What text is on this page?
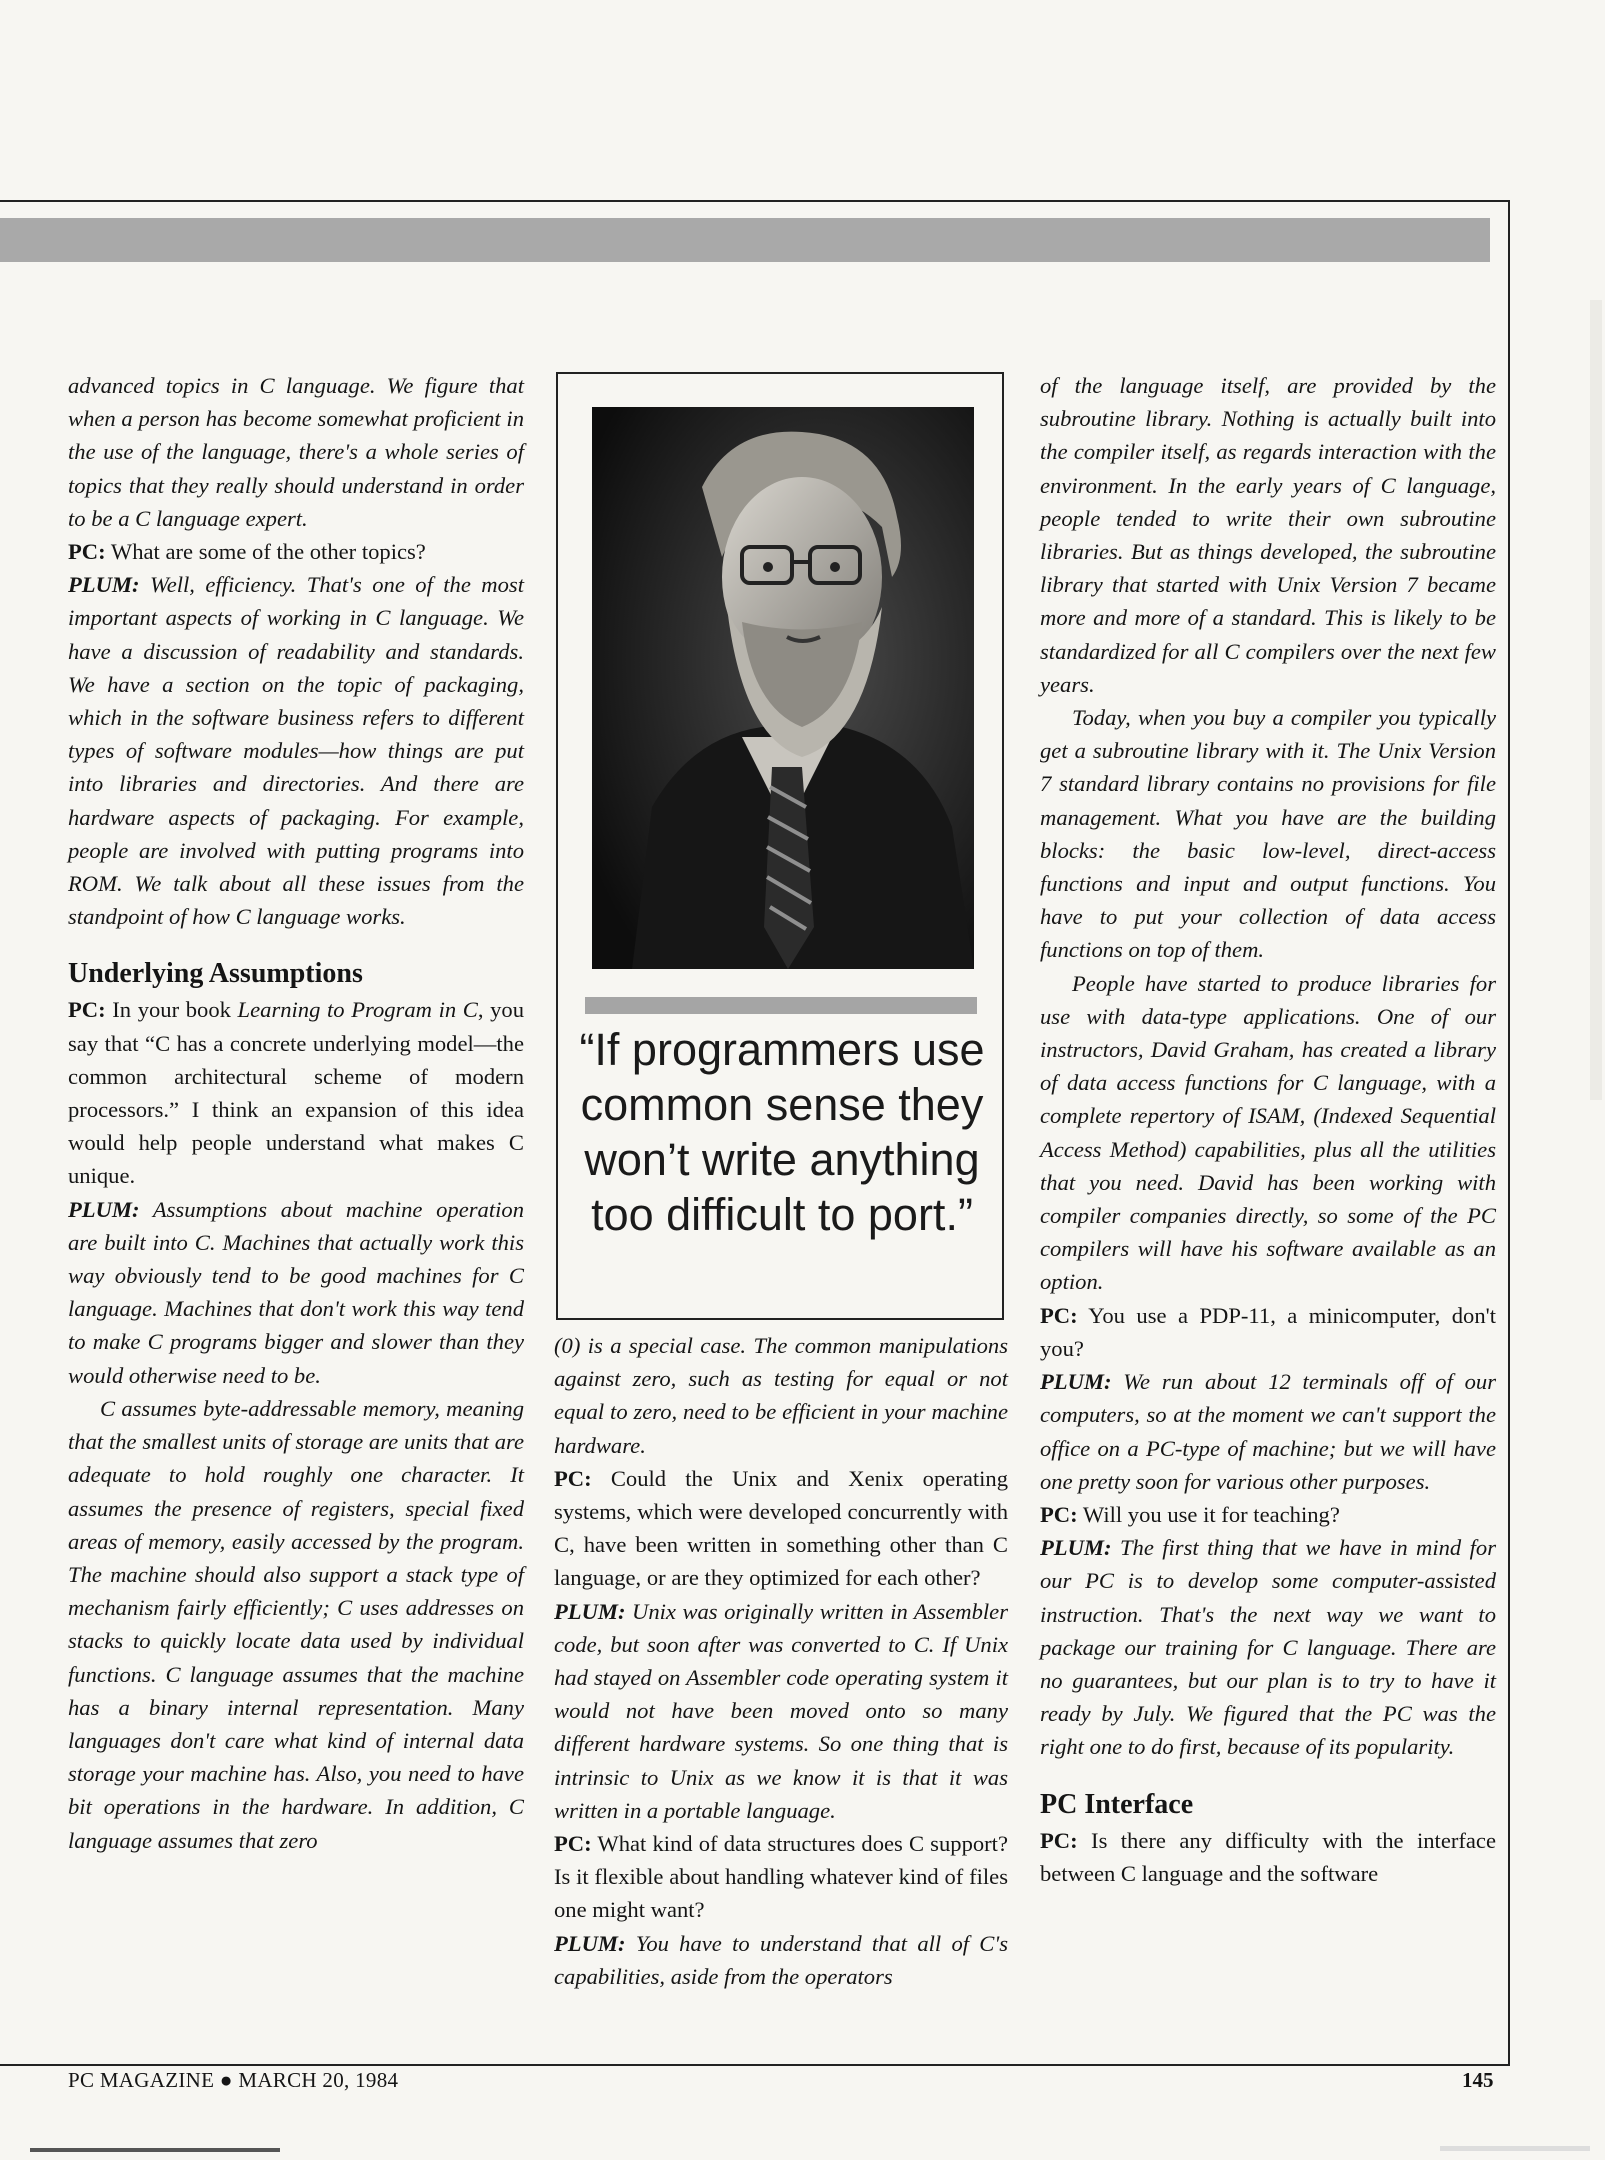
advanced topics in C language. We figure that when a person has become somewhat proficient in the use of the language, there's a whole series of topics that they really should understand in order to be a C language expert.

PC: What are some of the other topics?

PLUM: Well, efficiency. That's one of the most important aspects of working in C language. We have a discussion of readability and standards. We have a section on the topic of packaging, which in the software business refers to different types of software modules—how things are put into libraries and directories. And there are hardware aspects of packaging. For example, people are involved with putting programs into ROM. We talk about all these issues from the standpoint of how C language works.

Underlying Assumptions

PC: In your book Learning to Program in C, you say that “C has a concrete underlying model—the common architectural scheme of modern processors.” I think an expansion of this idea would help people understand what makes C unique.

PLUM: Assumptions about machine operation are built into C. Machines that actually work this way obviously tend to be good machines for C language. Machines that don't work this way tend to make C programs bigger and slower than they would otherwise need to be.

C assumes byte-addressable memory, meaning that the smallest units of storage are units that are adequate to hold roughly one character. It assumes the presence of registers, special fixed areas of memory, easily accessed by the program. The machine should also support a stack type of mechanism fairly efficiently; C uses addresses on stacks to quickly locate data used by individual functions. C language assumes that the machine has a binary internal representation. Many languages don't care what kind of internal data storage your machine has. Also, you need to have bit operations in the hardware. In addition, C language assumes that zero

“If programmers use common sense they won’t write anything too difficult to port.”

(0) is a special case. The common manipulations against zero, such as testing for equal or not equal to zero, need to be efficient in your machine hardware.

PC: Could the Unix and Xenix operating systems, which were developed concurrently with C, have been written in something other than C language, or are they optimized for each other?

PLUM: Unix was originally written in Assembler code, but soon after was converted to C. If Unix had stayed on Assembler code operating system it would not have been moved onto so many different hardware systems. So one thing that is intrinsic to Unix as we know it is that it was written in a portable language.

PC: What kind of data structures does C support? Is it flexible about handling whatever kind of files one might want?

PLUM: You have to understand that all of C's capabilities, aside from the operators

of the language itself, are provided by the subroutine library. Nothing is actually built into the compiler itself, as regards interaction with the environment. In the early years of C language, people tended to write their own subroutine libraries. But as things developed, the subroutine library that started with Unix Version 7 became more and more of a standard. This is likely to be standardized for all C compilers over the next few years.

Today, when you buy a compiler you typically get a subroutine library with it. The Unix Version 7 standard library contains no provisions for file management. What you have are the building blocks: the basic low-level, direct-access functions and input and output functions. You have to put your collection of data access functions on top of them.

People have started to produce libraries for use with data-type applications. One of our instructors, David Graham, has created a library of data access functions for C language, with a complete repertory of ISAM, (Indexed Sequential Access Method) capabilities, plus all the utilities that you need. David has been working with compiler companies directly, so some of the PC compilers will have his software available as an option.

PC: You use a PDP-11, a minicomputer, don't you?

PLUM: We run about 12 terminals off of our computers, so at the moment we can't support the office on a PC-type of machine; but we will have one pretty soon for various other purposes.

PC: Will you use it for teaching?

PLUM: The first thing that we have in mind for our PC is to develop some computer-assisted instruction. That's the next way we want to package our training for C language. There are no guarantees, but our plan is to try to have it ready by July. We figured that the PC was the right one to do first, because of its popularity.

PC Interface

PC: Is there any difficulty with the interface between C language and the software

PC MAGAZINE ● MARCH 20, 1984	145
